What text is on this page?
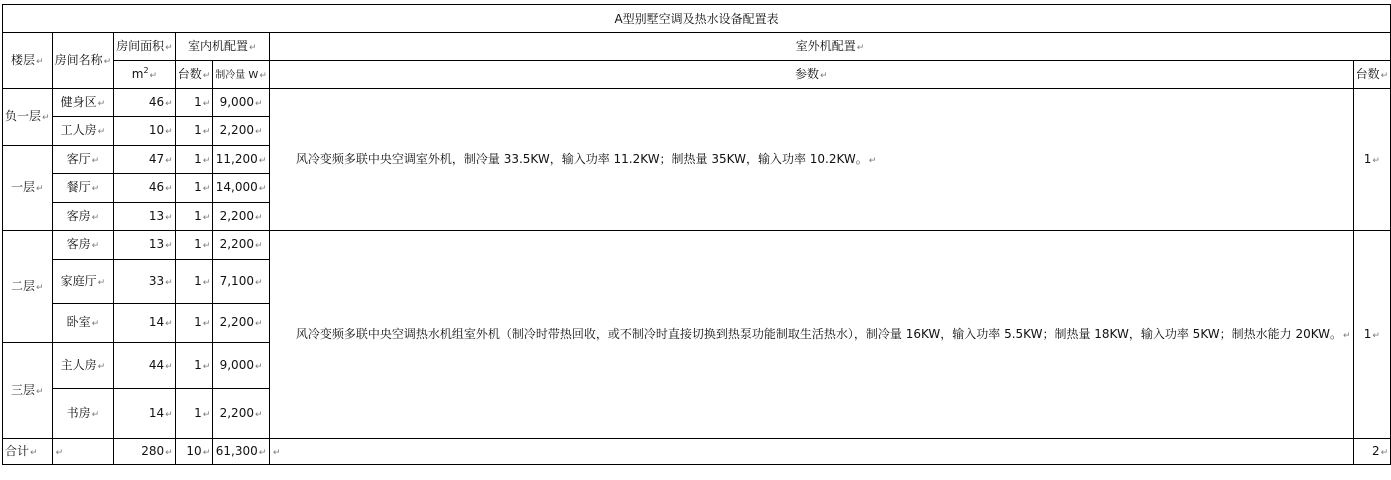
A型别墅空调及热水设备配置表						
楼层↵	房间名称↵	房间面积↵	室内机配置↵		室外机配置↵	
		$m^2↵$	台数↵	制冷量 W↵	参数↵	台数↵
负一层↵	健身区↵	46↵	1↵	9,000↵	风冷变频多联中央空调室外机，制冷量 33.5KW，输入功率 11.2KW；制热量 35KW，输入功率 10.2KW。↵	1↵
	工人房↵	10↵	1↵	2,200↵		
一层↵	客厅↵	47↵	1↵	11,200↵		
	餐厅↵	46↵	1↵	14,000↵		
	客房↵	13↵	1↵	2,200↵		
二层↵	客房↵	13↵	1↵	2,200↵	风冷变频多联中央空调热水机组室外机（制冷时带热回收，或不制冷时直接切换到热泵功能制取生活热水），制冷量 16KW，输入功率 5.5KW；制热量 18KW，输入功率 5KW；制热水能力 20KW。↵	1↵
	家庭厅↵	33↵	1↵	7,100↵		
	卧室↵	14↵	1↵	2,200↵		
三层↵	主人房↵	44↵	1↵	9,000↵		
	书房↵	14↵	1↵	2,200↵		
合计↵	↵	280↵	10↵	61,300↵	↵	2↵
